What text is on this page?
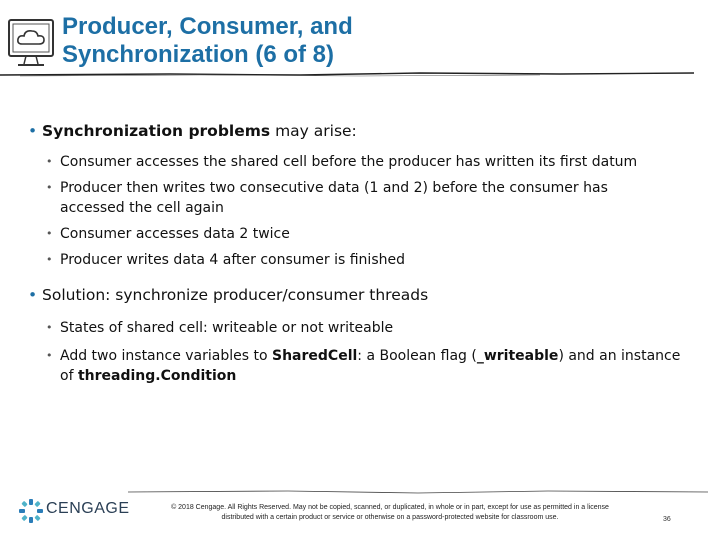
Producer, Consumer, and
Synchronization (6 of 8)
• Synchronization problems may arise:
• Consumer accesses the shared cell before the producer has written its first datum
• Producer then writes two consecutive data (1 and 2) before the consumer has
accessed the cell again
• Consumer accesses data 2 twice
• Producer writes data 4 after consumer is finished
• Solution: synchronize producer/consumer threads
• States of shared cell: writeable or not writeable
• Add two instance variables to SharedCell: a Boolean flag (_writeable) and an instance
of threading.Condition

CENGAGE	© 2018 Cengage. All Rights Reserved. May not be copied, scanned, or duplicated, in whole or in part, except for use as permitted in a license
distributed with a certain product or service or otherwise on a password-protected website for classroom use.	36
